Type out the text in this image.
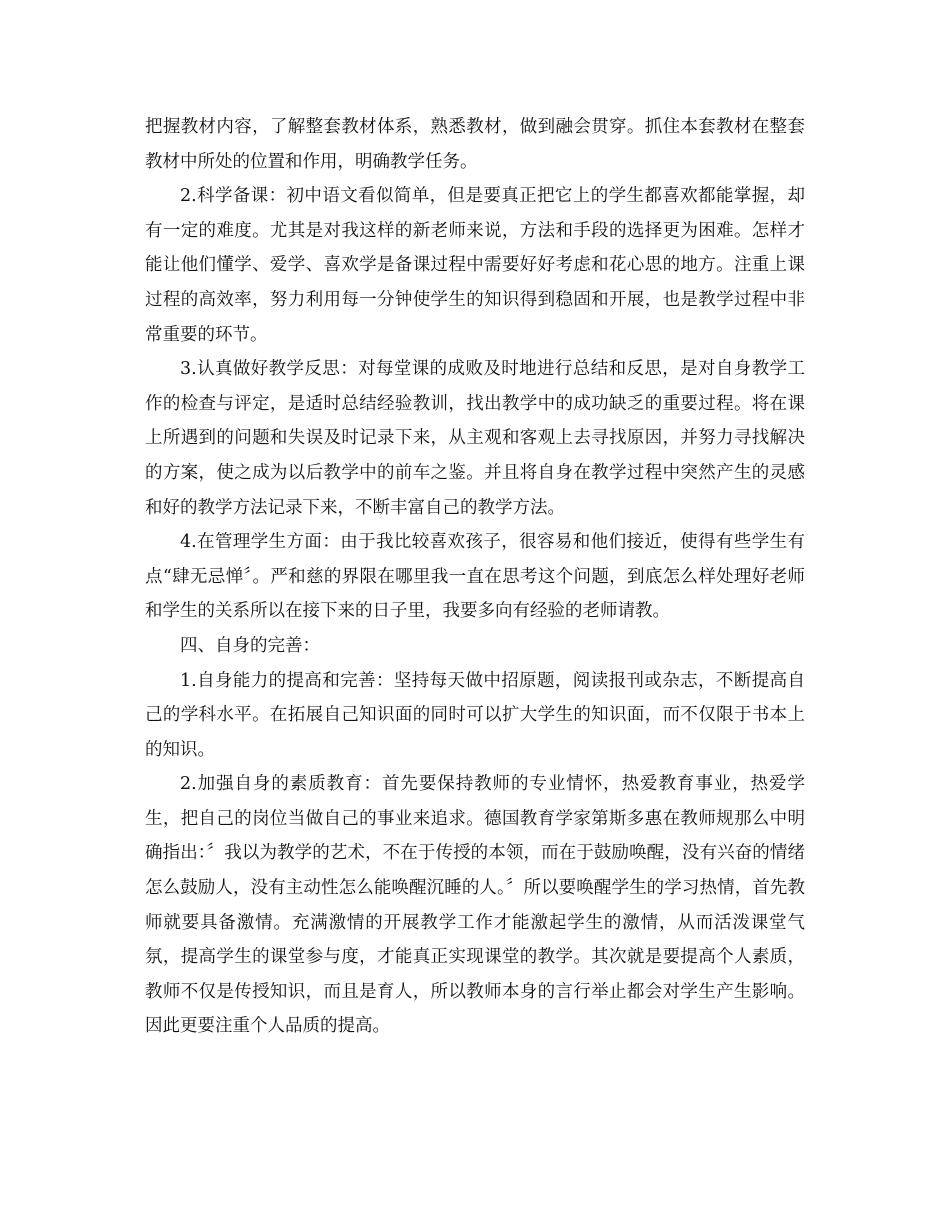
把握教材内容，了解整套教材体系，熟悉教材，做到融会贯穿。抓住本套教材在整套教材中所处的位置和作用，明确教学任务。

2.科学备课：初中语文看似简单，但是要真正把它上的学生都喜欢都能掌握，却有一定的难度。尤其是对我这样的新老师来说，方法和手段的选择更为困难。怎样才能让他们懂学、爱学、喜欢学是备课过程中需要好好考虑和花心思的地方。注重上课过程的高效率，努力利用每一分钟使学生的知识得到稳固和开展，也是教学过程中非常重要的环节。

3.认真做好教学反思：对每堂课的成败及时地进行总结和反思，是对自身教学工作的检查与评定，是适时总结经验教训，找出教学中的成功缺乏的重要过程。将在课上所遇到的问题和失误及时记录下来，从主观和客观上去寻找原因，并努力寻找解决的方案，使之成为以后教学中的前车之鉴。并且将自身在教学过程中突然产生的灵感和好的教学方法记录下来，不断丰富自己的教学方法。

4.在管理学生方面：由于我比较喜欢孩子，很容易和他们接近，使得有些学生有点“肆无忌惮〞。严和慈的界限在哪里我一直在思考这个问题，到底怎么样处理好老师和学生的关系所以在接下来的日子里，我要多向有经验的老师请教。

四、自身的完善：

1.自身能力的提高和完善：坚持每天做中招原题，阅读报刊或杂志，不断提高自己的学科水平。在拓展自己知识面的同时可以扩大学生的知识面，而不仅限于书本上的知识。

2.加强自身的素质教育：首先要保持教师的专业情怀，热爱教育事业，热爱学生，把自己的岗位当做自己的事业来追求。德国教育学家第斯多惠在教师规那么中明确指出：〞我以为教学的艺术，不在于传授的本领，而在于鼓励唤醒，没有兴奋的情绪怎么鼓励人，没有主动性怎么能唤醒沉睡的人。〞所以要唤醒学生的学习热情，首先教师就要具备激情。充满激情的开展教学工作才能激起学生的激情，从而活泼课堂气氛，提高学生的课堂参与度，才能真正实现课堂的教学。其次就是要提高个人素质，教师不仅是传授知识，而且是育人，所以教师本身的言行举止都会对学生产生影响。因此更要注重个人品质的提高。
